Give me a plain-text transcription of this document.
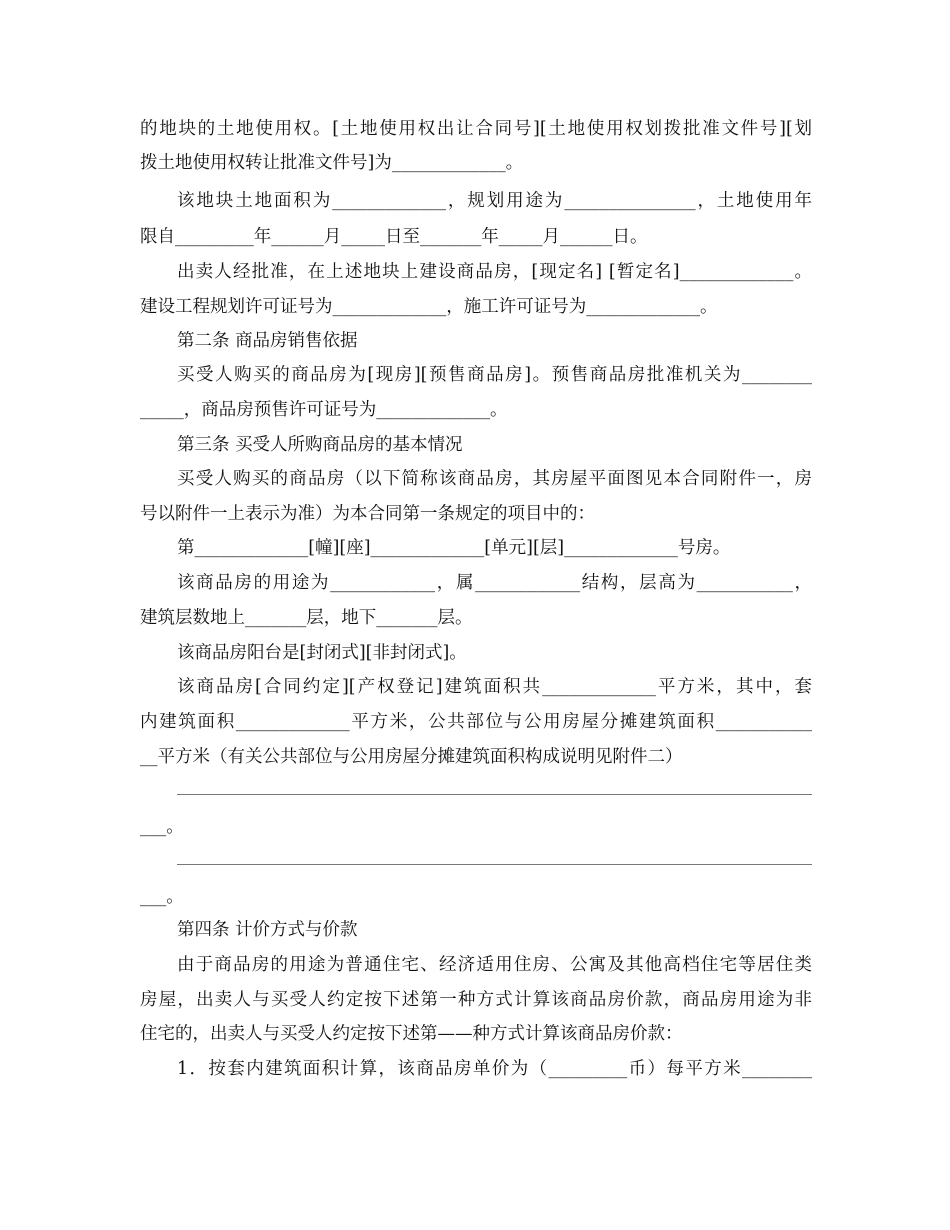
的地块的土地使用权。[土地使用权出让合同号][土地使用权划拨批准文件号][划
拨土地使用权转让批准文件号]为_____________。
该地块土地面积为_____________，规划用途为_______________，土地使用年
限自_________年______月_____日至_______年_____月______日。
出卖人经批准，在上述地块上建设商品房，[现定名] [暂定名]_____________。
建设工程规划许可证号为_____________，施工许可证号为_____________。
第二条 商品房销售依据
买受人购买的商品房为[现房][预售商品房]。预售商品房批准机关为________
_____，商品房预售许可证号为_____________。
第三条 买受人所购商品房的基本情况
买受人购买的商品房（以下简称该商品房，其房屋平面图见本合同附件一，房
号以附件一上表示为准）为本合同第一条规定的项目中的：
第_____________[幢][座]_____________[单元][层]_____________号房。
该商品房的用途为____________，属____________结构，层高为___________，
建筑层数地上_______层，地下_______层。
该商品房阳台是[封闭式][非封闭式]。
该商品房[合同约定][产权登记]建筑面积共_____________平方米，其中，套
内建筑面积_____________平方米，公共部位与公用房屋分摊建筑面积___________
__平方米（有关公共部位与公用房屋分摊建筑面积构成说明见附件二）
___。
___。
第四条 计价方式与价款
由于商品房的用途为普通住宅、经济适用住房、公寓及其他高档住宅等居住类
房屋，出卖人与买受人约定按下述第一种方式计算该商品房价款，商品房用途为非
住宅的，出卖人与买受人约定按下述第——种方式计算该商品房价款：
1．按套内建筑面积计算，该商品房单价为（_________币）每平方米________
